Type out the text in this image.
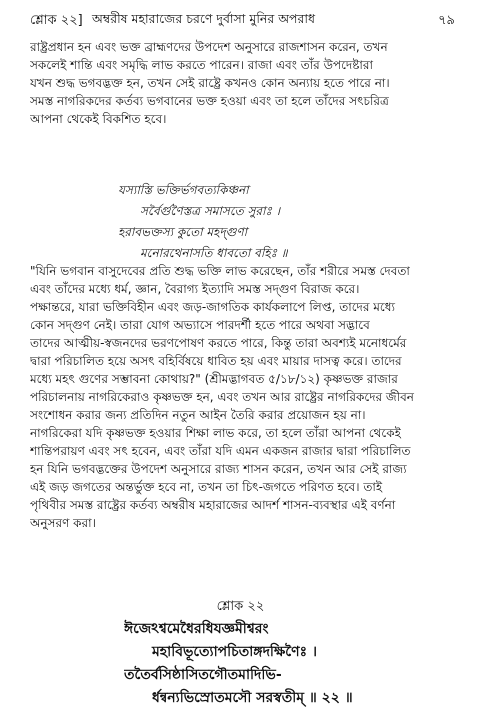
শ্লোক ২২] অম্বরীষ মহারাজের চরণে দুর্বাসা মুনির অপরাধ	৭৯
রাষ্ট্রপ্রধান হন এবং ভক্ত ব্রাহ্মণদের উপদেশ অনুসারে রাজশাসন করেন, তখন
সকলেই শান্তি এবং সমৃদ্ধি লাভ করতে পারেন। রাজা এবং তাঁর উপদেষ্টারা
যখন শুদ্ধ ভগবদ্ভক্ত হন, তখন সেই রাষ্ট্রে কখনও কোন অন্যায় হতে পারে না।
সমস্ত নাগরিকদের কর্তব্য ভগবানের ভক্ত হওয়া এবং তা হলে তাঁদের সৎচরিত্র
আপনা থেকেই বিকশিত হবে।
যস্যাস্তি ভক্তির্ভগবত্যকিঞ্চনা
সর্বৈর্গুণৈস্তত্র সমাসতে সুরাঃ ।
হরাবভক্তস্য কুতো মহদ্গুণা
মনোরথেনাসতি ধাবতো বহিঃ ॥
"যিনি ভগবান বাসুদেবের প্রতি শুদ্ধ ভক্তি লাভ করেছেন, তাঁর শরীরে সমস্ত দেবতা
এবং তাঁদের মধ্যে ধর্ম, জ্ঞান, বৈরাগ্য ইত্যাদি সমস্ত সদ্গুণ বিরাজ করে।
পক্ষান্তরে, যারা ভক্তিবিহীন এবং জড়-জাগতিক কার্যকলাপে লিপ্ত, তাদের মধ্যে
কোন সদ্গুণ নেই। তারা যোগ অভ্যাসে পারদর্শী হতে পারে অথবা সদ্ভাবে
তাদের আত্মীয়-স্বজনদের ভরণপোষণ করতে পারে, কিন্তু তারা অবশ্যই মনোধর্মের
দ্বারা পরিচালিত হয়ে অসৎ বহির্বিষয়ে ধাবিত হয় এবং মায়ার দাসত্ব করে। তাদের
মধ্যে মহৎ গুণের সম্ভাবনা কোথায়?" (শ্রীমদ্ভাগবত ৫/১৮/১২) কৃষ্ণভক্ত রাজার
পরিচালনায় নাগরিকেরাও কৃষ্ণভক্ত হন, এবং তখন আর রাষ্ট্রের নাগরিকদের জীবন
সংশোধন করার জন্য প্রতিদিন নতুন আইন তৈরি করার প্রয়োজন হয় না।
নাগরিকেরা যদি কৃষ্ণভক্ত হওয়ার শিক্ষা লাভ করে, তা হলে তাঁরা আপনা থেকেই
শান্তিপরায়ণ এবং সৎ হবেন, এবং তাঁরা যদি এমন একজন রাজার দ্বারা পরিচালিত
হন যিনি ভগবদ্ভক্তের উপদেশ অনুসারে রাজ্য শাসন করেন, তখন আর সেই রাজ্য
এই জড় জগতের অন্তর্ভুক্ত হবে না, তখন তা চিৎ-জগতে পরিণত হবে। তাই
পৃথিবীর সমস্ত রাষ্ট্রের কর্তব্য অম্বরীষ মহারাজের আদর্শ শাসন-ব্যবস্থার এই বর্ণনা
অনুসরণ করা।
শ্লোক ২২
ঈজেঽশ্বমেধৈরধিযজ্ঞমীশ্বরং
মহাবিভূত্যোপচিতাঙ্গদক্ষিণৈঃ ।
ততৈর্বসিষ্ঠাসিতগৌতমাদিভি-
র্ধন্বন্যভিস্রোতমসৌ সরস্বতীম্ ॥ ২২ ॥
